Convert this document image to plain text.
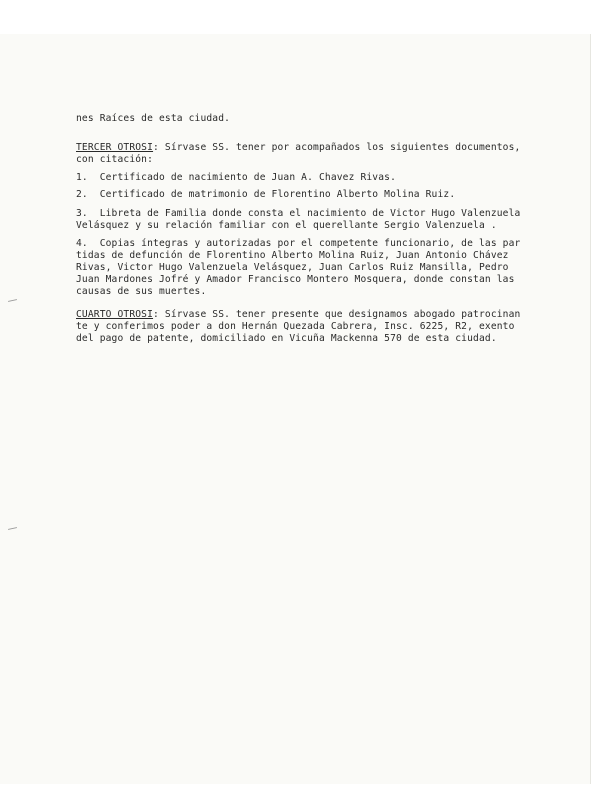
nes Raíces de esta ciudad.
TERCER OTROSI: Sírvase SS. tener por acompañados los siguientes documentos,
con citación:
1.  Certificado de nacimiento de Juan A. Chavez Rivas.
2.  Certificado de matrimonio de Florentino Alberto Molina Ruiz.
3.  Libreta de Familia donde consta el nacimiento de Victor Hugo Valenzuela
Velásquez y su relación familiar con el querellante Sergio Valenzuela .
4.  Copias íntegras y autorizadas por el competente funcionario, de las par
tidas de defunción de Florentino Alberto Molina Ruiz, Juan Antonio Chávez
Rivas, Victor Hugo Valenzuela Velásquez, Juan Carlos Ruiz Mansilla, Pedro
Juan Mardones Jofré y Amador Francisco Montero Mosquera, donde constan las
causas de sus muertes.
CUARTO OTROSI: Sírvase SS. tener presente que designamos abogado patrocinan
te y conferimos poder a don Hernán Quezada Cabrera, Insc. 6225, R2, exento
del pago de patente, domiciliado en Vicuña Mackenna 570 de esta ciudad.
